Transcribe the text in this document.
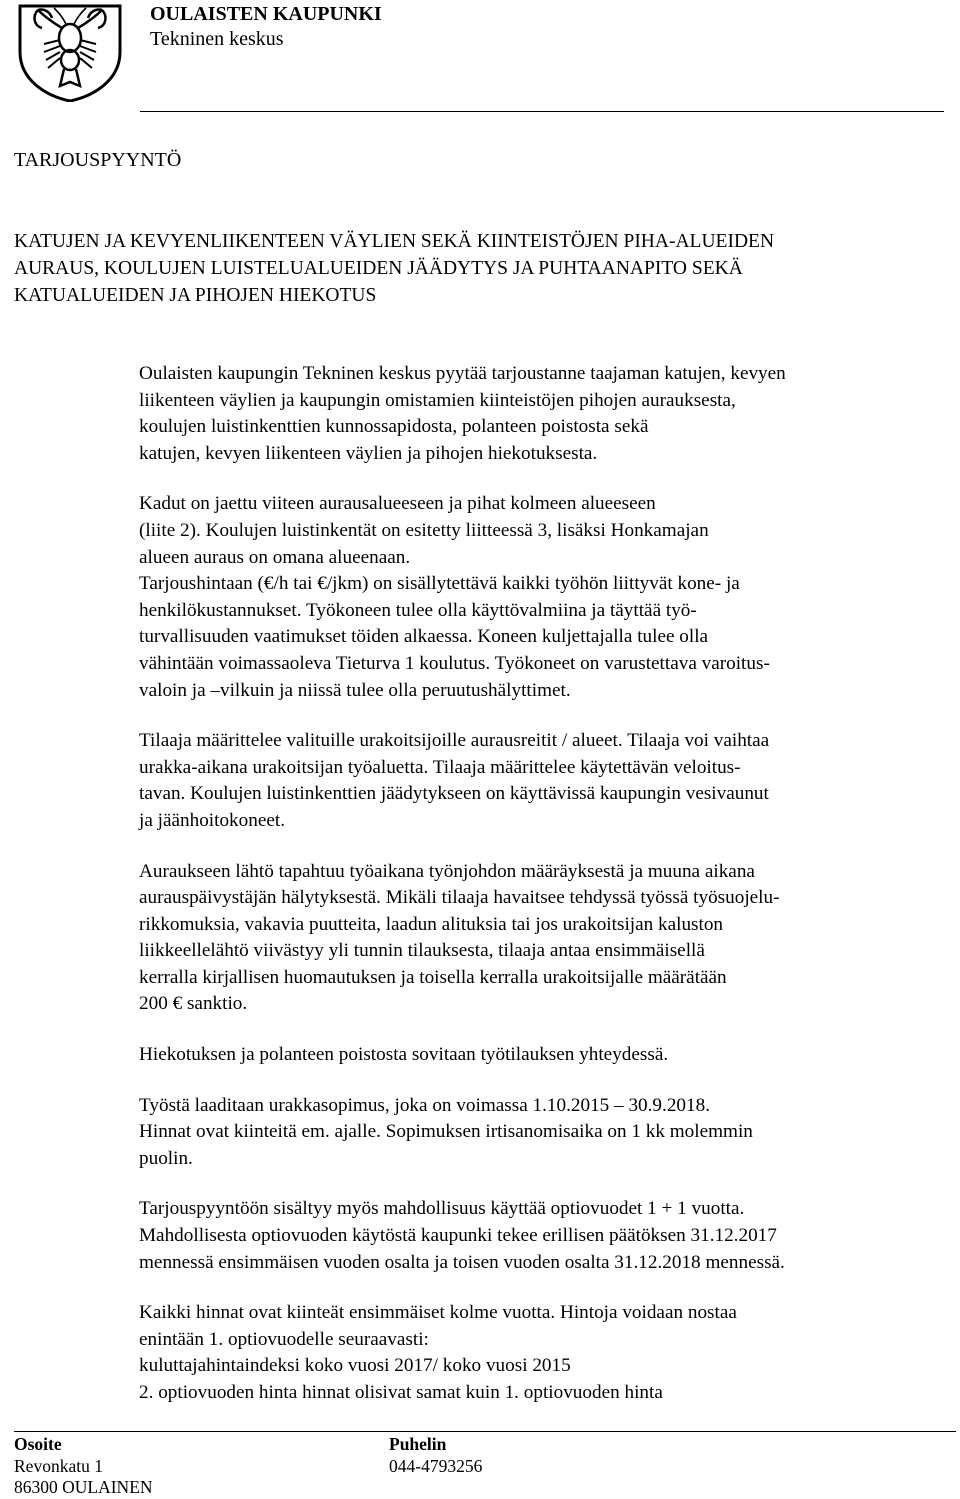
OULAISTEN KAUPUNKI
Tekninen keskus
TARJOUSPYYNTÖ
KATUJEN JA KEVYENLIIKENTEEN VÄYLIEN SEKÄ KIINTEISTÖJEN PIHA-ALUEIDEN
AURAUS, KOULUJEN LUISTELUALUEIDEN JÄÄDYTYS JA PUHTAANAPITO SEKÄ
KATUALUEIDEN JA PIHOJEN HIEKOTUS
Oulaisten kaupungin Tekninen keskus pyytää tarjoustanne taajaman katujen, kevyen
liikenteen väylien ja kaupungin omistamien kiinteistöjen pihojen aurauksesta,
koulujen luistinkenttien kunnossapidosta, polanteen poistosta sekä
katujen, kevyen liikenteen väylien ja pihojen hiekotuksesta.
Kadut on jaettu viiteen aurausalueeseen ja pihat kolmeen alueeseen
(liite 2). Koulujen luistinkentät on esitetty liitteessä 3, lisäksi Honkamajan
alueen auraus on omana alueenaan.
Tarjoushintaan (€/h tai €/jkm) on sisällytettävä kaikki työhön liittyvät kone- ja
henkilökustannukset. Työkoneen tulee olla käyttövalmiina ja täyttää työ-
turvallisuuden vaatimukset töiden alkaessa. Koneen kuljettajalla tulee olla
vähintään voimassaoleva Tieturva 1 koulutus. Työkoneet on varustettava varoitus-
valoin ja –vilkuin ja niissä tulee olla peruutushälyttimet.
Tilaaja määrittelee valituille urakoitsijoille aurausreitit / alueet. Tilaaja voi vaihtaa
urakka-aikana urakoitsijan työaluetta. Tilaaja määrittelee käytettävän veloitus-
tavan. Koulujen luistinkenttien jäädytykseen on käyttävissä kaupungin vesivaunut
ja jäänhoitokoneet.
Auraukseen lähtö tapahtuu työaikana työnjohdon määräyksestä ja muuna aikana
aurauspäivystäjän hälytyksestä. Mikäli tilaaja havaitsee tehdyssä työssä työsuojelu-
rikkomuksia, vakavia puutteita, laadun alituksia tai jos urakoitsijan kaluston
liikkeellelähtö viivästyy yli tunnin tilauksesta, tilaaja antaa ensimmäisellä
kerralla kirjallisen huomautuksen ja toisella kerralla urakoitsijalle määrätään
200 € sanktio.
Hiekotuksen ja polanteen poistosta sovitaan työtilauksen yhteydessä.
Työstä laaditaan urakkasopimus, joka on voimassa 1.10.2015 – 30.9.2018.
Hinnat ovat kiinteitä em. ajalle. Sopimuksen irtisanomisaika on 1 kk molemmin
puolin.
Tarjouspyyntöön sisältyy myös mahdollisuus käyttää optiovuodet 1 + 1 vuotta.
Mahdollisesta optiovuoden käytöstä kaupunki tekee erillisen päätöksen 31.12.2017
mennessä ensimmäisen vuoden osalta ja toisen vuoden osalta 31.12.2018 mennessä.
Kaikki hinnat ovat kiinteät ensimmäiset kolme vuotta. Hintoja voidaan nostaa
enintään 1. optiovuodelle seuraavasti:
kuluttajahintaindeksi koko vuosi 2017/ koko vuosi 2015
2. optiovuoden hinta hinnat olisivat samat kuin 1. optiovuoden hinta
Osoite
Revonkatu 1
86300 OULAINEN
Puhelin
044-4793256
